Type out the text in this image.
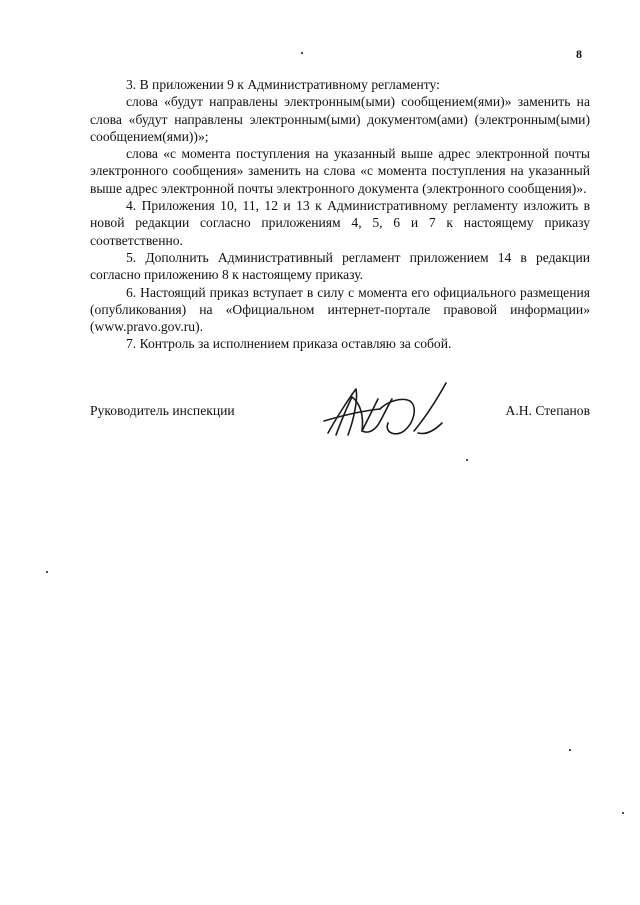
8

3. В приложении 9 к Административному регламенту:

слова «будут направлены электронным(ыми) сообщением(ями)» заменить на слова «будут направлены электронным(ыми) документом(ами) (электронным(ыми) сообщением(ями))»;

слова «с момента поступления на указанный выше адрес электронной почты электронного сообщения» заменить на слова «с момента поступления на указанный выше адрес электронной почты электронного документа (электронного сообщения)».

4. Приложения 10, 11, 12 и 13 к Административному регламенту изложить в новой редакции согласно приложениям 4, 5, 6 и 7 к настоящему приказу соответственно.

5. Дополнить Административный регламент приложением 14 в редакции согласно приложению 8 к настоящему приказу.

6. Настоящий приказ вступает в силу с момента его официального размещения (опубликования) на «Официальном интернет-портале правовой информации» (www.pravo.gov.ru).

7. Контроль за исполнением приказа оставляю за собой.

Руководитель инспекции	А.Н. Степанов
